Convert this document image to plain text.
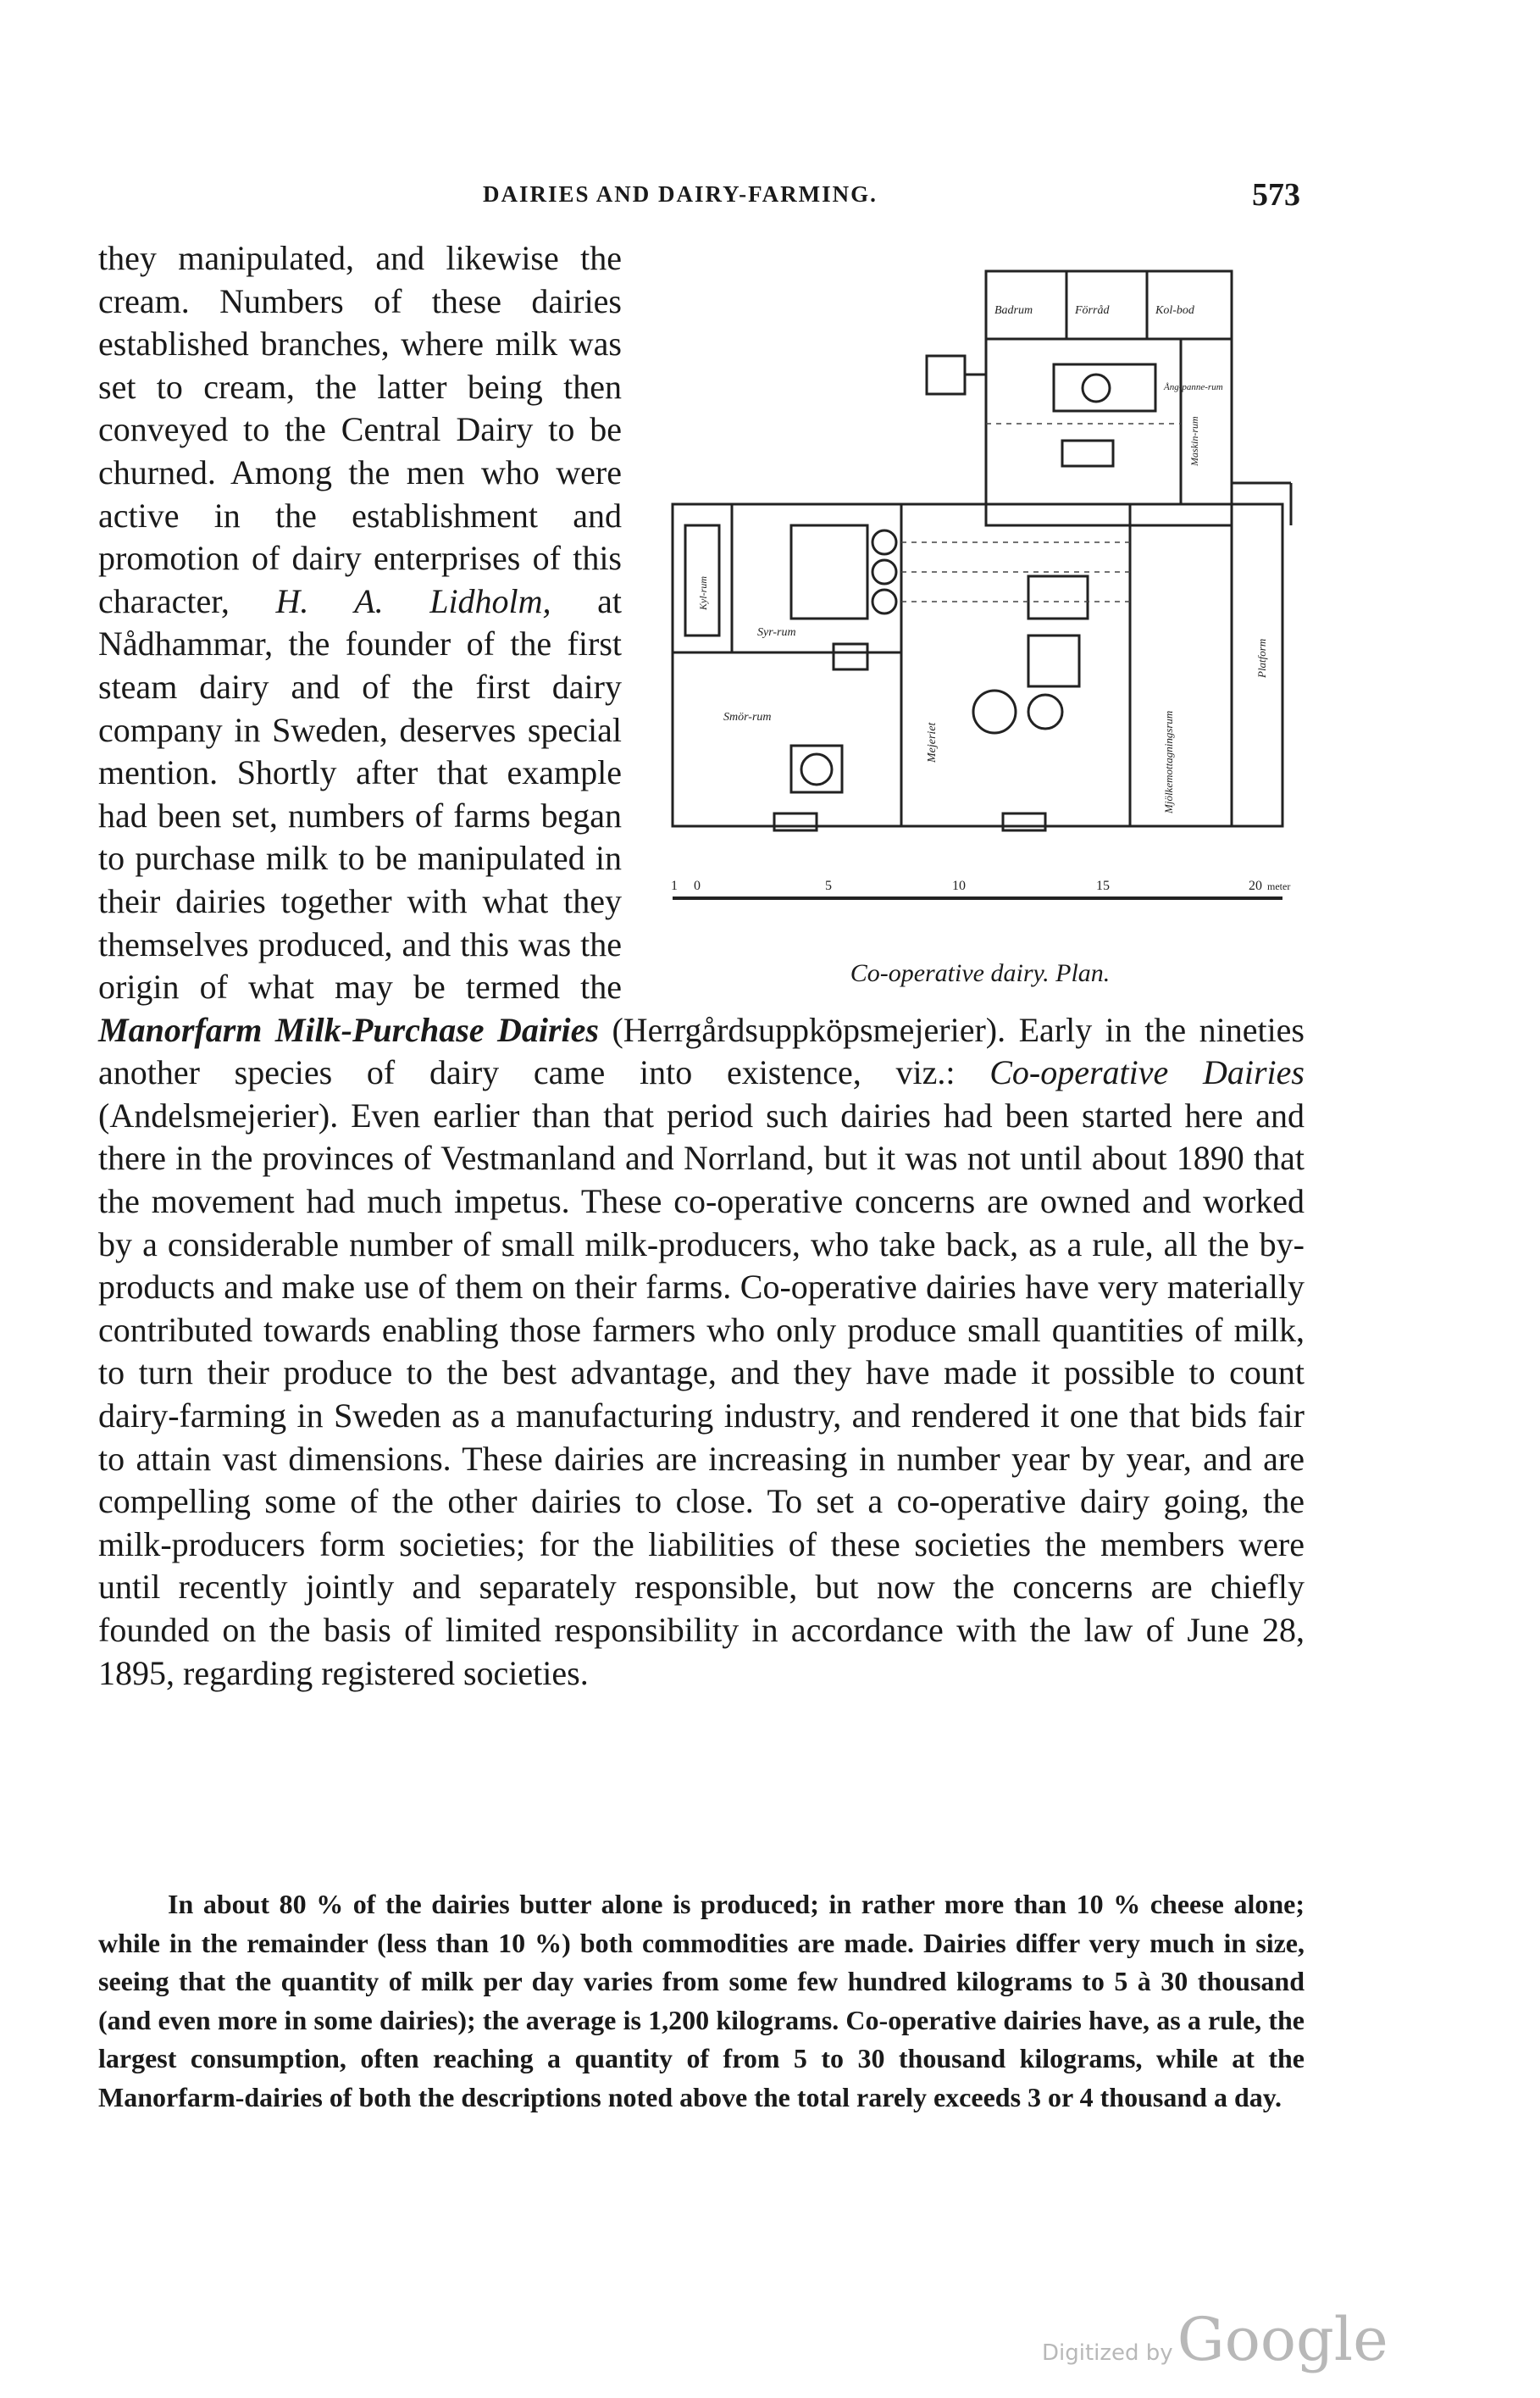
DAIRIES AND DAIRY-FARMING.	573
Badrum	Förråd	Kol-bod
Ång-panne-rum
Maskin-rum
Kyl-rum
Syr-rum
Smör-rum
Mejeriet	Mjölkemottagningsrum
Platform
1 0	5	10	15	20 meter
Co-operative dairy. Plan.

they manipulated, and likewise the cream. Numbers of these dairies established branches, where milk was set to cream, the latter being then conveyed to the Central Dairy to be churned. Among the men who were active in the establishment and promotion of dairy enterprises of this character, H. A. Lidholm, at Nådhammar, the founder of the first steam dairy and of the first dairy company in Sweden, deserves special mention. Shortly after that example had been set, numbers of farms began to purchase milk to be manipulated in their dairies together with what they themselves produced, and this was the origin of what may be termed the Manorfarm Milk-Purchase Dairies (Herrgårdsuppköpsmejerier). Early in the nineties another species of dairy came into existence, viz.: Co-operative Dairies (Andelsmejerier). Even earlier than that period such dairies had been started here and there in the provinces of Vestmanland and Norrland, but it was not until about 1890 that the movement had much impetus. These co-operative concerns are owned and worked by a considerable number of small milk-producers, who take back, as a rule, all the by-products and make use of them on their farms. Co-operative dairies have very materially contributed towards enabling those farmers who only produce small quantities of milk, to turn their produce to the best advantage, and they have made it possible to count dairy-farming in Sweden as a manufacturing industry, and rendered it one that bids fair to attain vast dimensions. These dairies are increasing in number year by year, and are compelling some of the other dairies to close. To set a co-operative dairy going, the milk-producers form societies; for the liabilities of these societies the members were until recently jointly and separately responsible, but now the concerns are chiefly founded on the basis of limited responsibility in accordance with the law of June 28, 1895, regarding registered societies.

In about 80 % of the dairies butter alone is produced; in rather more than 10 % cheese alone; while in the remainder (less than 10 %) both commodities are made. Dairies differ very much in size, seeing that the quantity of milk per day varies from some few hundred kilograms to 5 à 30 thousand (and even more in some dairies); the average is 1,200 kilograms. Co-operative dairies have, as a rule, the largest consumption, often reaching a quantity of from 5 to 30 thousand kilograms, while at the Manorfarm-dairies of both the descriptions noted above the total rarely exceeds 3 or 4 thousand a day.

Digitized by Google
